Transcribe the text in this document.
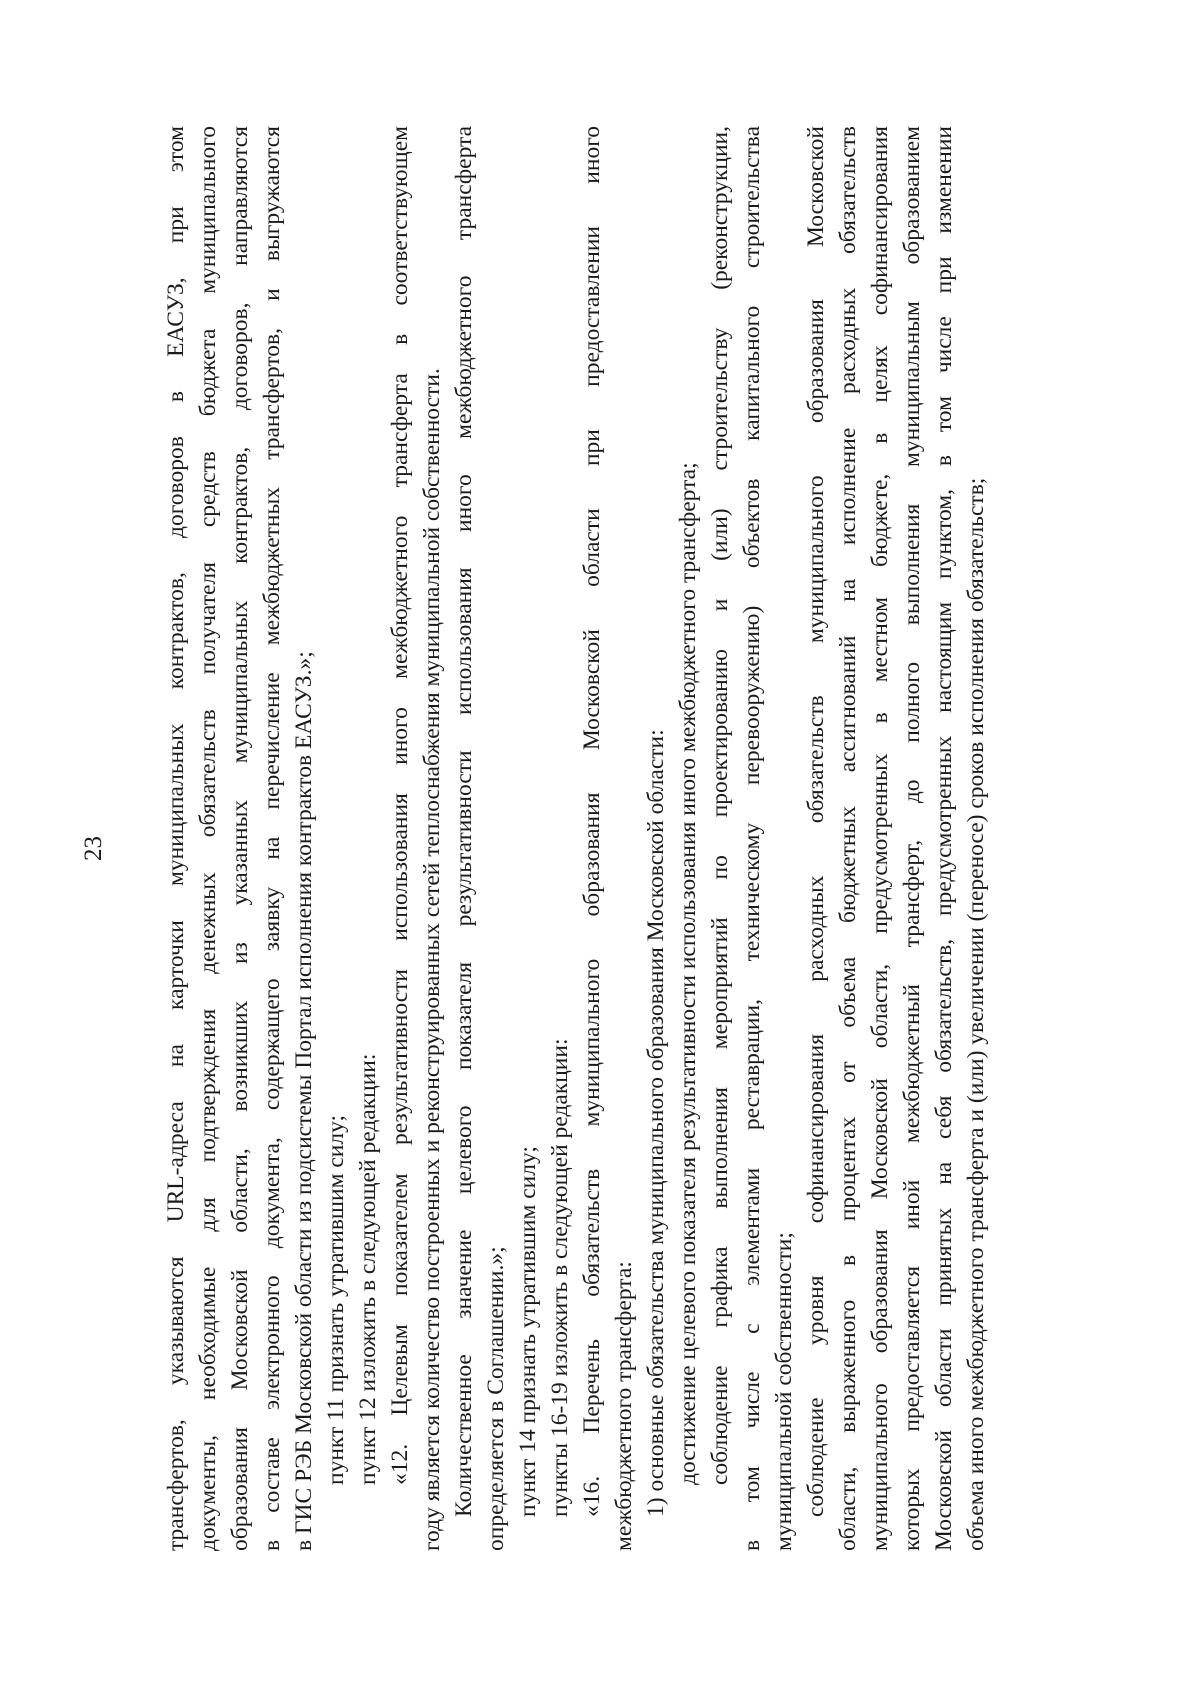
23 трансфертов, указываются URL-адреса на карточки муниципальных контрактов, договоров в ЕАСУЗ, при этом документы, необходимые для подтверждения денежных обязательств получателя средств бюджета муниципального образования Московской области, возникших из указанных муниципальных контрактов, договоров, направляются в составе электронного документа, содержащего заявку на перечисление межбюджетных трансфертов, и выгружаются в ГИС РЭБ Московской области из подсистемы Портал исполнения контрактов ЕАСУЗ.»; пункт 11 признать утратившим силу; пункт 12 изложить в следующей редакции: «12. Целевым показателем результативности использования иного межбюджетного трансферта в соответствующем году является количество построенных и реконструированных сетей теплоснабжения муниципальной собственности. Количественное значение целевого показателя результативности использования иного межбюджетного трансферта определяется в Соглашении.»; пункт 14 признать утратившим силу; пункты 16-19 изложить в следующей редакции: «16. Перечень обязательств муниципального образования Московской области при предоставлении иного межбюджетного трансферта: 1) основные обязательства муниципального образования Московской области: достижение целевого показателя результативности использования иного межбюджетного трансферта; соблюдение графика выполнения мероприятий по проектированию и (или) строительству (реконструкции, в том числе с элементами реставрации, техническому перевооружению) объектов капитального строительства муниципальной собственности; соблюдение уровня софинансирования расходных обязательств муниципального образования Московской области, выраженного в процентах от объема бюджетных ассигнований на исполнение расходных обязательств муниципального образования Московской области, предусмотренных в местном бюджете, в целях софинансирования которых предоставляется иной межбюджетный трансферт, до полного выполнения муниципальным образованием Московской области принятых на себя обязательств, предусмотренных настоящим пунктом, в том числе при изменении объема иного межбюджетного трансферта и (или) увеличении (переносе) сроков исполнения обязательств;
